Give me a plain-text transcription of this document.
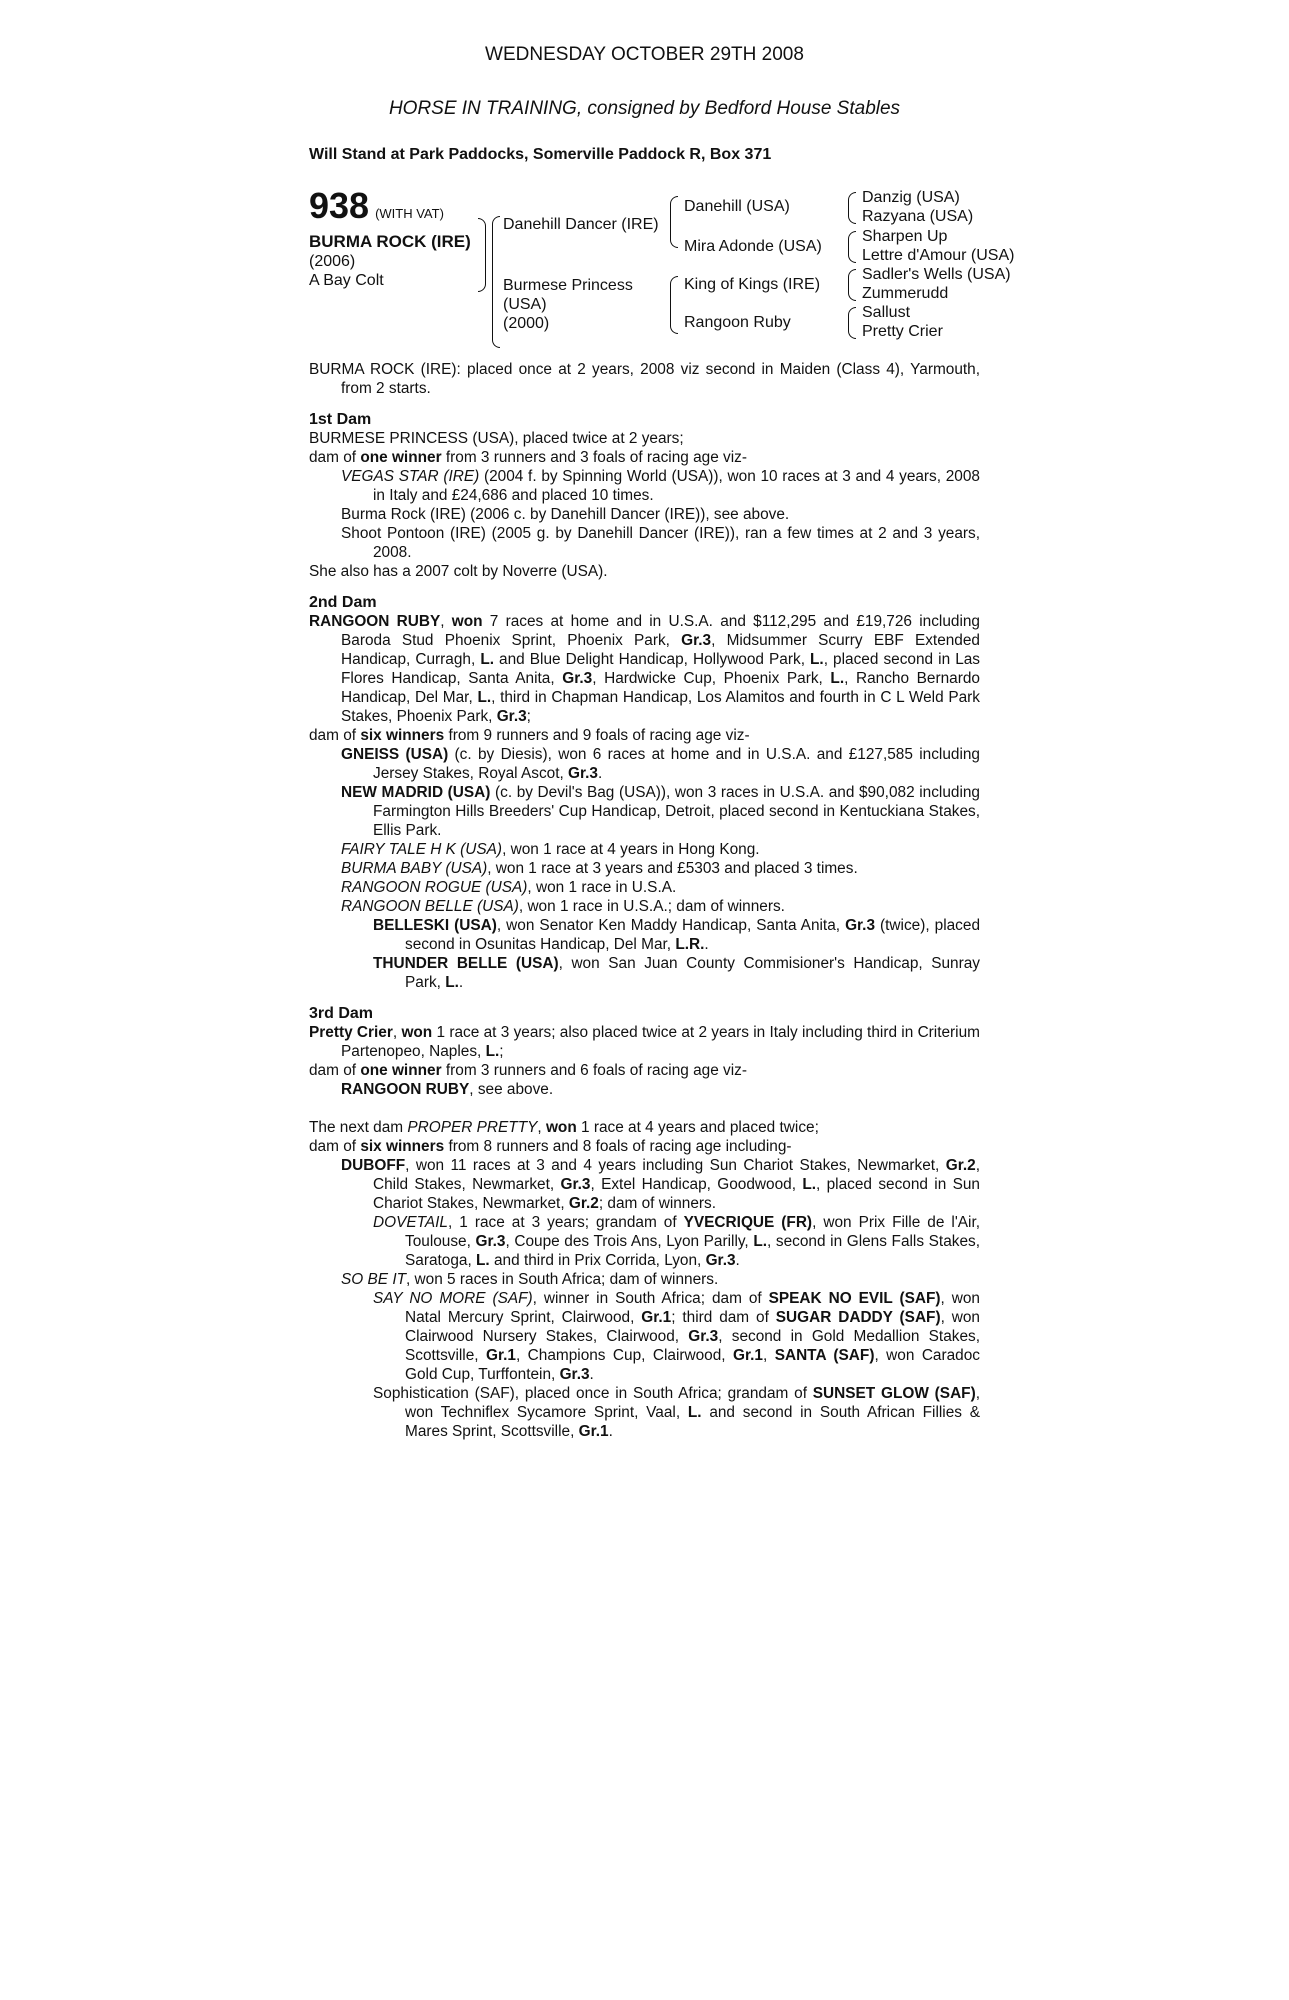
WEDNESDAY OCTOBER 29TH 2008
HORSE IN TRAINING, consigned by Bedford House Stables
Will Stand at Park Paddocks, Somerville Paddock R, Box 371
938 (WITH VAT)
BURMA ROCK (IRE)
(2006)
A Bay Colt
Danehill Dancer (IRE)
Burmese Princess
(USA)
(2000)
Danehill (USA)
Mira Adonde (USA)
King of Kings (IRE)
Rangoon Ruby
Danzig (USA)
Razyana (USA)
Sharpen Up
Lettre d'Amour (USA)
Sadler's Wells (USA)
Zummerudd
Sallust
Pretty Crier

BURMA ROCK (IRE): placed once at 2 years, 2008 viz second in Maiden (Class 4), Yarmouth, from 2 starts.

1st Dam

BURMESE PRINCESS (USA), placed twice at 2 years;

dam of one winner from 3 runners and 3 foals of racing age viz-

VEGAS STAR (IRE) (2004 f. by Spinning World (USA)), won 10 races at 3 and 4 years, 2008 in Italy and £24,686 and placed 10 times.

Burma Rock (IRE) (2006 c. by Danehill Dancer (IRE)), see above.

Shoot Pontoon (IRE) (2005 g. by Danehill Dancer (IRE)), ran a few times at 2 and 3 years, 2008.

She also has a 2007 colt by Noverre (USA).

2nd Dam

RANGOON RUBY, won 7 races at home and in U.S.A. and $112,295 and £19,726 including Baroda Stud Phoenix Sprint, Phoenix Park, Gr.3, Midsummer Scurry EBF Extended Handicap, Curragh, L. and Blue Delight Handicap, Hollywood Park, L., placed second in Las Flores Handicap, Santa Anita, Gr.3, Hardwicke Cup, Phoenix Park, L., Rancho Bernardo Handicap, Del Mar, L., third in Chapman Handicap, Los Alamitos and fourth in C L Weld Park Stakes, Phoenix Park, Gr.3;

dam of six winners from 9 runners and 9 foals of racing age viz-

GNEISS (USA) (c. by Diesis), won 6 races at home and in U.S.A. and £127,585 including Jersey Stakes, Royal Ascot, Gr.3.

NEW MADRID (USA) (c. by Devil's Bag (USA)), won 3 races in U.S.A. and $90,082 including Farmington Hills Breeders' Cup Handicap, Detroit, placed second in Kentuckiana Stakes, Ellis Park.

FAIRY TALE H K (USA), won 1 race at 4 years in Hong Kong.

BURMA BABY (USA), won 1 race at 3 years and £5303 and placed 3 times.

RANGOON ROGUE (USA), won 1 race in U.S.A.

RANGOON BELLE (USA), won 1 race in U.S.A.; dam of winners.

BELLESKI (USA), won Senator Ken Maddy Handicap, Santa Anita, Gr.3 (twice), placed second in Osunitas Handicap, Del Mar, L.R..

THUNDER BELLE (USA), won San Juan County Commisioner's Handicap, Sunray Park, L..

3rd Dam

Pretty Crier, won 1 race at 3 years; also placed twice at 2 years in Italy including third in Criterium Partenopeo, Naples, L.;

dam of one winner from 3 runners and 6 foals of racing age viz-

RANGOON RUBY, see above.

The next dam PROPER PRETTY, won 1 race at 4 years and placed twice;

dam of six winners from 8 runners and 8 foals of racing age including-

DUBOFF, won 11 races at 3 and 4 years including Sun Chariot Stakes, Newmarket, Gr.2, Child Stakes, Newmarket, Gr.3, Extel Handicap, Goodwood, L., placed second in Sun Chariot Stakes, Newmarket, Gr.2; dam of winners.

DOVETAIL, 1 race at 3 years; grandam of YVECRIQUE (FR), won Prix Fille de l'Air, Toulouse, Gr.3, Coupe des Trois Ans, Lyon Parilly, L., second in Glens Falls Stakes, Saratoga, L. and third in Prix Corrida, Lyon, Gr.3.

SO BE IT, won 5 races in South Africa; dam of winners.

SAY NO MORE (SAF), winner in South Africa; dam of SPEAK NO EVIL (SAF), won Natal Mercury Sprint, Clairwood, Gr.1; third dam of SUGAR DADDY (SAF), won Clairwood Nursery Stakes, Clairwood, Gr.3, second in Gold Medallion Stakes, Scottsville, Gr.1, Champions Cup, Clairwood, Gr.1, SANTA (SAF), won Caradoc Gold Cup, Turffontein, Gr.3.

Sophistication (SAF), placed once in South Africa; grandam of SUNSET GLOW (SAF), won Techniflex Sycamore Sprint, Vaal, L. and second in South African Fillies & Mares Sprint, Scottsville, Gr.1.
